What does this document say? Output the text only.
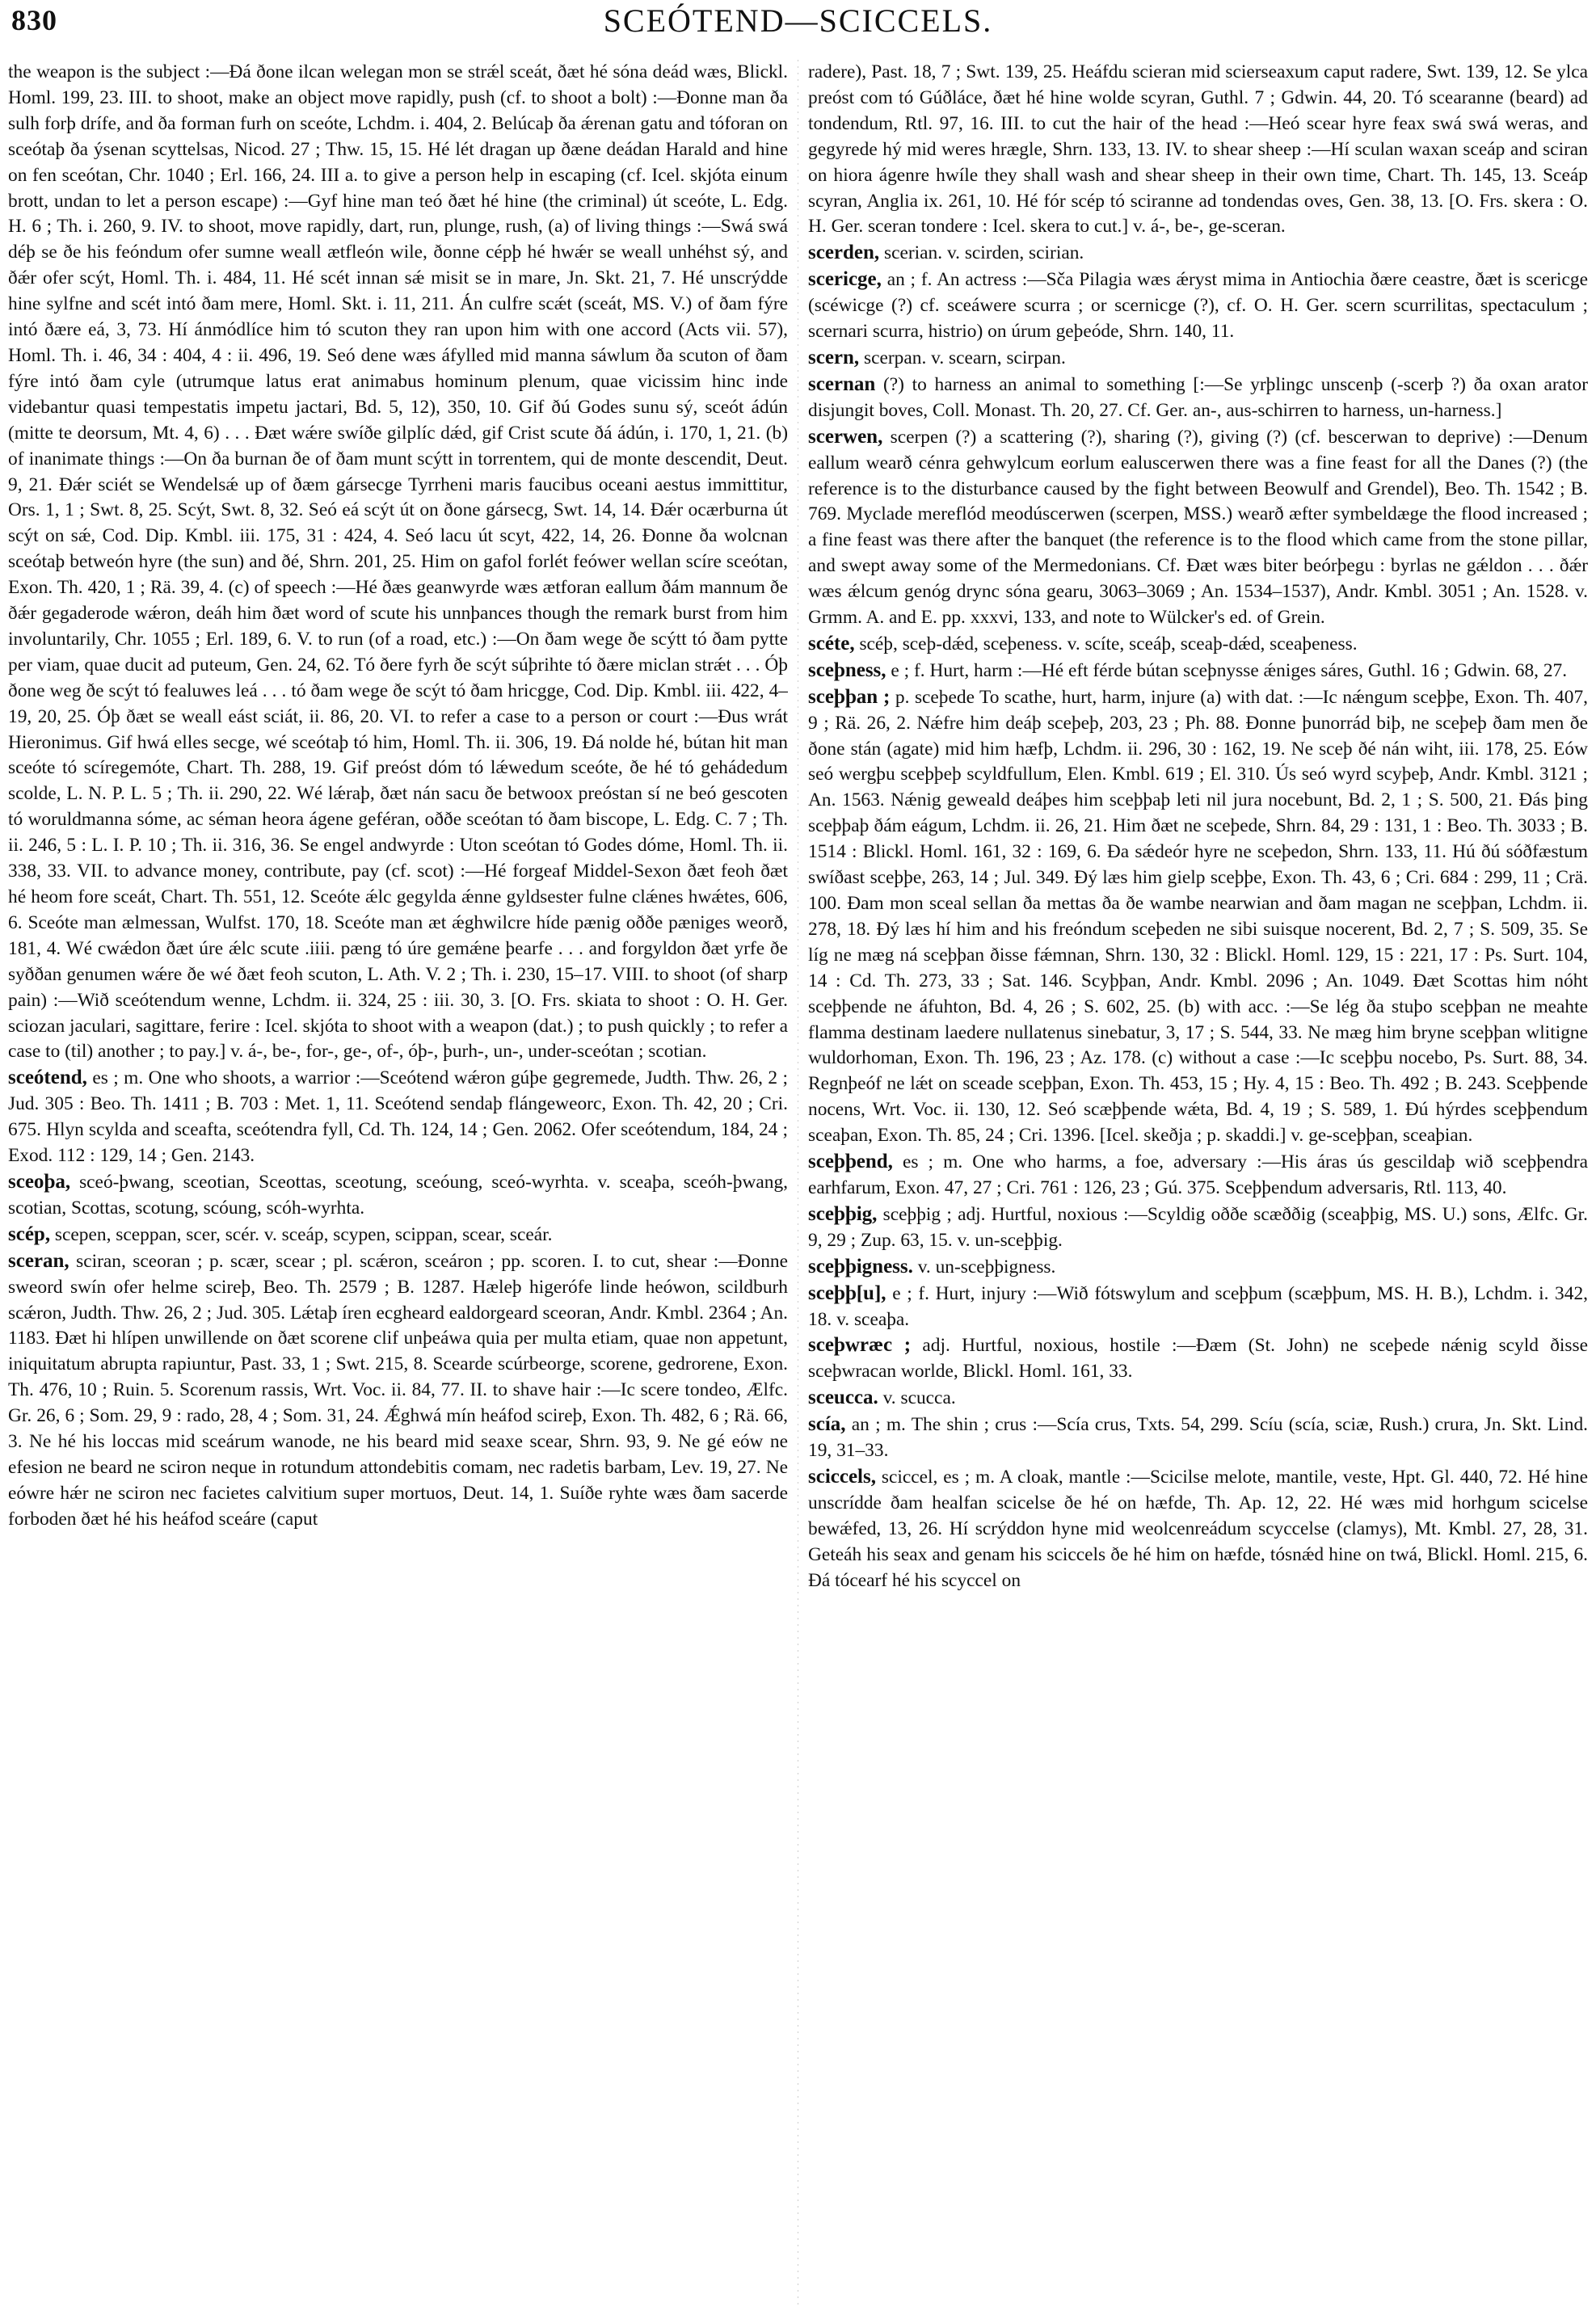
830	SCEÓTEND—SCICCELS.

the weapon is the subject :—Ðá ðone ilcan welegan mon se strǽl sceát, ðæt hé sóna deád wæs, Blickl. Homl. 199, 23. III. to shoot, make an object move rapidly, push (cf. to shoot a bolt) :—Ðonne man ða sulh forþ drífe, and ða forman furh on sceóte, Lchdm. i. 404, 2. Belúcaþ ða ǽrenan gatu and tóforan on sceótaþ ða ýsenan scyttelsas, Nicod. 27 ; Thw. 15, 15. Hé lét dragan up ðæne deádan Harald and hine on fen sceótan, Chr. 1040 ; Erl. 166, 24. III a. to give a person help in escaping (cf. Icel. skjóta einum brott, undan to let a person escape) :—Gyf hine man teó ðæt hé hine (the criminal) út sceóte, L. Edg. H. 6 ; Th. i. 260, 9. IV. to shoot, move rapidly, dart, run, plunge, rush, (a) of living things :—Swá swá déþ se ðe his feóndum ofer sumne weall ætfleón wile, ðonne cépþ hé hwǽr se weall unhéhst sý, and ðǽr ofer scýt, Homl. Th. i. 484, 11. Hé scét innan sǽ misit se in mare, Jn. Skt. 21, 7. Hé unscrýdde hine sylfne and scét intó ðam mere, Homl. Skt. i. 11, 211. Án culfre scǽt (sceát, MS. V.) of ðam fýre intó ðære eá, 3, 73. Hí ánmódlíce him tó scuton they ran upon him with one accord (Acts vii. 57), Homl. Th. i. 46, 34 : 404, 4 : ii. 496, 19. Seó dene wæs áfylled mid manna sáwlum ða scuton of ðam fýre intó ðam cyle (utrumque latus erat animabus hominum plenum, quae vicissim hinc inde videbantur quasi tempestatis impetu jactari, Bd. 5, 12), 350, 10. Gif ðú Godes sunu sý, sceót ádún (mitte te deorsum, Mt. 4, 6) . . . Ðæt wǽre swíðe gilplíc dǽd, gif Crist scute ðá ádún, i. 170, 1, 21. (b) of inanimate things :—On ða burnan ðe of ðam munt scýtt in torrentem, qui de monte descendit, Deut. 9, 21. Ðǽr sciét se Wendelsǽ up of ðæm gársecge Tyrrheni maris faucibus oceani aestus immittitur, Ors. 1, 1 ; Swt. 8, 25. Scýt, Swt. 8, 32. Seó eá scýt út on ðone gársecg, Swt. 14, 14. Ðǽr ocærburna út scýt on sǽ, Cod. Dip. Kmbl. iii. 175, 31 : 424, 4. Seó lacu út scyt, 422, 14, 26. Ðonne ða wolcnan sceótaþ betweón hyre (the sun) and ðé, Shrn. 201, 25. Him on gafol forlét feówer wellan scíre sceótan, Exon. Th. 420, 1 ; Rä. 39, 4. (c) of speech :—Hé ðæs geanwyrde wæs ætforan eallum ðám mannum ðe ðǽr gegaderode wǽron, deáh him ðæt word of scute his unnþances though the remark burst from him involuntarily, Chr. 1055 ; Erl. 189, 6. V. to run (of a road, etc.) :—On ðam wege ðe scýtt tó ðam pytte per viam, quae ducit ad puteum, Gen. 24, 62. Tó ðere fyrh ðe scýt súþrihte tó ðære miclan strǽt . . . Óþ ðone weg ðe scýt tó fealuwes leá . . . tó ðam wege ðe scýt tó ðam hricgge, Cod. Dip. Kmbl. iii. 422, 4–19, 20, 25. Óþ ðæt se weall eást sciát, ii. 86, 20. VI. to refer a case to a person or court :—Ðus wrát Hieronimus. Gif hwá elles secge, wé sceótaþ tó him, Homl. Th. ii. 306, 19. Ðá nolde hé, bútan hit man sceóte tó scíregemóte, Chart. Th. 288, 19. Gif preóst dóm tó lǽwedum sceóte, ðe hé tó gehádedum scolde, L. N. P. L. 5 ; Th. ii. 290, 22. Wé lǽraþ, ðæt nán sacu ðe betwoox preóstan sí ne beó gescoten tó woruldmanna sóme, ac séman heora ágene geféran, oððe sceótan tó ðam biscope, L. Edg. C. 7 ; Th. ii. 246, 5 : L. I. P. 10 ; Th. ii. 316, 36. Se engel andwyrde : Uton sceótan tó Godes dóme, Homl. Th. ii. 338, 33. VII. to advance money, contribute, pay (cf. scot) :—Hé forgeaf Middel-Sexon ðæt feoh ðæt hé heom fore sceát, Chart. Th. 551, 12. Sceóte ǽlc gegylda ǽnne gyldsester fulne clǽnes hwǽtes, 606, 6. Sceóte man ælmessan, Wulfst. 170, 18. Sceóte man æt ǽghwilcre híde pænig oððe pæniges weorð, 181, 4. Wé cwǽdon ðæt úre ǽlc scute .iiii. pæng tó úre gemǽne þearfe . . . and forgyldon ðæt yrfe ðe syððan genumen wǽre ðe wé ðæt feoh scuton, L. Ath. V. 2 ; Th. i. 230, 15–17. VIII. to shoot (of sharp pain) :—Wið sceótendum wenne, Lchdm. ii. 324, 25 : iii. 30, 3. [O. Frs. skiata to shoot : O. H. Ger. sciozan jaculari, sagittare, ferire : Icel. skjóta to shoot with a weapon (dat.) ; to push quickly ; to refer a case to (til) another ; to pay.] v. á-, be-, for-, ge-, of-, óþ-, þurh-, un-, under-sceótan ; scotian.

sceótend, es ; m. One who shoots, a warrior :—Sceótend wǽron gúþe gegremede, Judth. Thw. 26, 2 ; Jud. 305 : Beo. Th. 1411 ; B. 703 : Met. 1, 11. Sceótend sendaþ flángeweorc, Exon. Th. 42, 20 ; Cri. 675. Hlyn scylda and sceafta, sceótendra fyll, Cd. Th. 124, 14 ; Gen. 2062. Ofer sceótendum, 184, 24 ; Exod. 112 : 129, 14 ; Gen. 2143.

sceoþa, sceó-þwang, sceotian, Sceottas, sceotung, sceóung, sceó-wyrhta. v. sceaþa, sceóh-þwang, scotian, Scottas, scotung, scóung, scóh-wyrhta.

scép, scepen, sceppan, scer, scér. v. sceáp, scypen, scippan, scear, sceár.

sceran, sciran, sceoran ; p. scær, scear ; pl. scǽron, sceáron ; pp. scoren. I. to cut, shear :—Ðonne sweord swín ofer helme scireþ, Beo. Th. 2579 ; B. 1287. Hæleþ higerófe linde heówon, scildburh scǽron, Judth. Thw. 26, 2 ; Jud. 305. Lǽtaþ íren ecgheard ealdorgeard sceoran, Andr. Kmbl. 2364 ; An. 1183. Ðæt hi hlípen unwillende on ðæt scorene clif unþeáwa quia per multa etiam, quae non appetunt, iniquitatum abrupta rapiuntur, Past. 33, 1 ; Swt. 215, 8. Scearde scúrbeorge, scorene, gedrorene, Exon. Th. 476, 10 ; Ruin. 5. Scorenum rassis, Wrt. Voc. ii. 84, 77. II. to shave hair :—Ic scere tondeo, Ælfc. Gr. 26, 6 ; Som. 29, 9 : rado, 28, 4 ; Som. 31, 24. Ǽghwá mín heáfod scireþ, Exon. Th. 482, 6 ; Rä. 66, 3. Ne hé his loccas mid sceárum wanode, ne his beard mid seaxe scear, Shrn. 93, 9. Ne gé eów ne efesion ne beard ne sciron neque in rotundum attondebitis comam, nec radetis barbam, Lev. 19, 27. Ne eówre hǽr ne sciron nec facietes calvitium super mortuos, Deut. 14, 1. Suíðe ryhte wæs ðam sacerde forboden ðæt hé his heáfod sceáre (caput

radere), Past. 18, 7 ; Swt. 139, 25. Heáfdu scieran mid scierseaxum caput radere, Swt. 139, 12. Se ylca preóst com tó Gúðláce, ðæt hé hine wolde scyran, Guthl. 7 ; Gdwin. 44, 20. Tó scearanne (beard) ad tondendum, Rtl. 97, 16. III. to cut the hair of the head :—Heó scear hyre feax swá swá weras, and gegyrede hý mid weres hrægle, Shrn. 133, 13. IV. to shear sheep :—Hí sculan waxan sceáp and sciran on hiora ágenre hwíle they shall wash and shear sheep in their own time, Chart. Th. 145, 13. Sceáp scyran, Anglia ix. 261, 10. Hé fór scép tó sciranne ad tondendas oves, Gen. 38, 13. [O. Frs. skera : O. H. Ger. sceran tondere : Icel. skera to cut.] v. á-, be-, ge-sceran.

scerden, scerian. v. scirden, scirian.

scericge, an ; f. An actress :—Sča Pilagia wæs ǽryst mima in Antiochia ðære ceastre, ðæt is scericge (scéwicge (?) cf. sceáwere scurra ; or scernicge (?), cf. O. H. Ger. scern scurrilitas, spectaculum ; scernari scurra, histrio) on úrum geþeóde, Shrn. 140, 11.

scern, scerpan. v. scearn, scirpan.

scernan (?) to harness an animal to something [:—Se yrþlingc unscenþ (-scerþ ?) ða oxan arator disjungit boves, Coll. Monast. Th. 20, 27. Cf. Ger. an-, aus-schirren to harness, un-harness.]

scerwen, scerpen (?) a scattering (?), sharing (?), giving (?) (cf. bescerwan to deprive) :—Denum eallum wearð cénra gehwylcum eorlum ealuscerwen there was a fine feast for all the Danes (?) (the reference is to the disturbance caused by the fight between Beowulf and Grendel), Beo. Th. 1542 ; B. 769. Myclade mereflód meodúscerwen (scerpen, MSS.) wearð æfter symbeldæge the flood increased ; a fine feast was there after the banquet (the reference is to the flood which came from the stone pillar, and swept away some of the Mermedonians. Cf. Ðæt wæs biter beórþegu : byrlas ne gǽldon . . . ðǽr wæs ǽlcum genóg drync sóna gearu, 3063–3069 ; An. 1534–1537), Andr. Kmbl. 3051 ; An. 1528. v. Grmm. A. and E. pp. xxxvi, 133, and note to Wülcker's ed. of Grein.

scéte, scéþ, sceþ-dǽd, sceþeness. v. scíte, sceáþ, sceaþ-dǽd, sceaþeness.

sceþness, e ; f. Hurt, harm :—Hé eft férde bútan sceþnysse ǽniges sáres, Guthl. 16 ; Gdwin. 68, 27.

sceþþan ; p. scеþede To scathe, hurt, harm, injure (a) with dat. :—Ic nǽngum sceþþe, Exon. Th. 407, 9 ; Rä. 26, 2. Nǽfre him deáþ sceþeþ, 203, 23 ; Ph. 88. Ðonne þunorrád biþ, ne sceþeþ ðam men ðe ðone stán (agate) mid him hæfþ, Lchdm. ii. 296, 30 : 162, 19. Ne sceþ ðé nán wiht, iii. 178, 25. Eów seó wergþu sceþþeþ scyldfullum, Elen. Kmbl. 619 ; El. 310. Ús seó wyrd scyþeþ, Andr. Kmbl. 3121 ; An. 1563. Nǽnig geweald deáþes him sceþþaþ leti nil jura nocebunt, Bd. 2, 1 ; S. 500, 21. Ðás þing sceþþaþ ðám eágum, Lchdm. ii. 26, 21. Him ðæt ne scеþede, Shrn. 84, 29 : 131, 1 : Beo. Th. 3033 ; B. 1514 : Blickl. Homl. 161, 32 : 169, 6. Ða sǽdeór hyre ne sceþedon, Shrn. 133, 11. Hú ðú sóðfæstum swíðast sceþþe, 263, 14 ; Jul. 349. Ðý læs him gielp sceþþe, Exon. Th. 43, 6 ; Cri. 684 : 299, 11 ; Crä. 100. Ðam mon sceal sellan ða mettas ða ðe wambe nearwian and ðam magan ne sceþþan, Lchdm. ii. 278, 18. Ðý læs hí him and his freóndum sceþeden ne sibi suisque nocerent, Bd. 2, 7 ; S. 509, 35. Se líg ne mæg ná sceþþan ðisse fǽmnan, Shrn. 130, 32 : Blickl. Homl. 129, 15 : 221, 17 : Ps. Surt. 104, 14 : Cd. Th. 273, 33 ; Sat. 146. Scyþþan, Andr. Kmbl. 2096 ; An. 1049. Ðæt Scottas him nóht sceþþende ne áfuhton, Bd. 4, 26 ; S. 602, 25. (b) with acc. :—Se lég ða stuþo sceþþan ne meahte flamma destinam laedere nullatenus sinebatur, 3, 17 ; S. 544, 33. Ne mæg him bryne sceþþan wlitigne wuldorhoman, Exon. Th. 196, 23 ; Az. 178. (c) without a case :—Ic sceþþu nocebo, Ps. Surt. 88, 34. Regnþeóf ne lǽt on sceade sceþþan, Exon. Th. 453, 15 ; Hy. 4, 15 : Beo. Th. 492 ; B. 243. Sceþþende nocens, Wrt. Voc. ii. 130, 12. Seó scæþþende wǽta, Bd. 4, 19 ; S. 589, 1. Ðú hýrdes sceþþendum sceaþan, Exon. Th. 85, 24 ; Cri. 1396. [Icel. skeðja ; p. skaddi.] v. ge-sceþþan, sceaþian.

sceþþend, es ; m. One who harms, a foe, adversary :—His áras ús gescildaþ wið sceþþendra earhfarum, Exon. 47, 27 ; Cri. 761 : 126, 23 ; Gú. 375. Sceþþendum adversaris, Rtl. 113, 40.

sceþþig, sceþþig ; adj. Hurtful, noxious :—Scyldig oððe scæððig (sceaþþig, MS. U.) sons, Ælfc. Gr. 9, 29 ; Zup. 63, 15. v. un-sceþþig.

sceþþigness. v. un-sceþþigness.

sceþþ[u], e ; f. Hurt, injury :—Wið fótswylum and sceþþum (scæþþum, MS. H. B.), Lchdm. i. 342, 18. v. sceaþa.

sceþwræc ; adj. Hurtful, noxious, hostile :—Ðæm (St. John) ne sceþede nǽnig scyld ðisse sceþwracan worlde, Blickl. Homl. 161, 33.

sceucca. v. scucca.

scía, an ; m. The shin ; crus :—Scía crus, Txts. 54, 299. Scíu (scía, sciæ, Rush.) crura, Jn. Skt. Lind. 19, 31–33.

sciccels, sciccel, es ; m. A cloak, mantle :—Scicilse melote, mantile, veste, Hpt. Gl. 440, 72. Hé hine unscrídde ðam healfan scicelse ðe hé on hæfde, Th. Ap. 12, 22. Hé wæs mid horhgum scicelse bewǽfed, 13, 26. Hí scrýddon hyne mid weolcenreádum scyccelse (clamys), Mt. Kmbl. 27, 28, 31. Geteáh his seax and genam his sciccels ðe hé him on hæfde, tósnǽd hine on twá, Blickl. Homl. 215, 6. Ðá tócearf hé his scyccel on
